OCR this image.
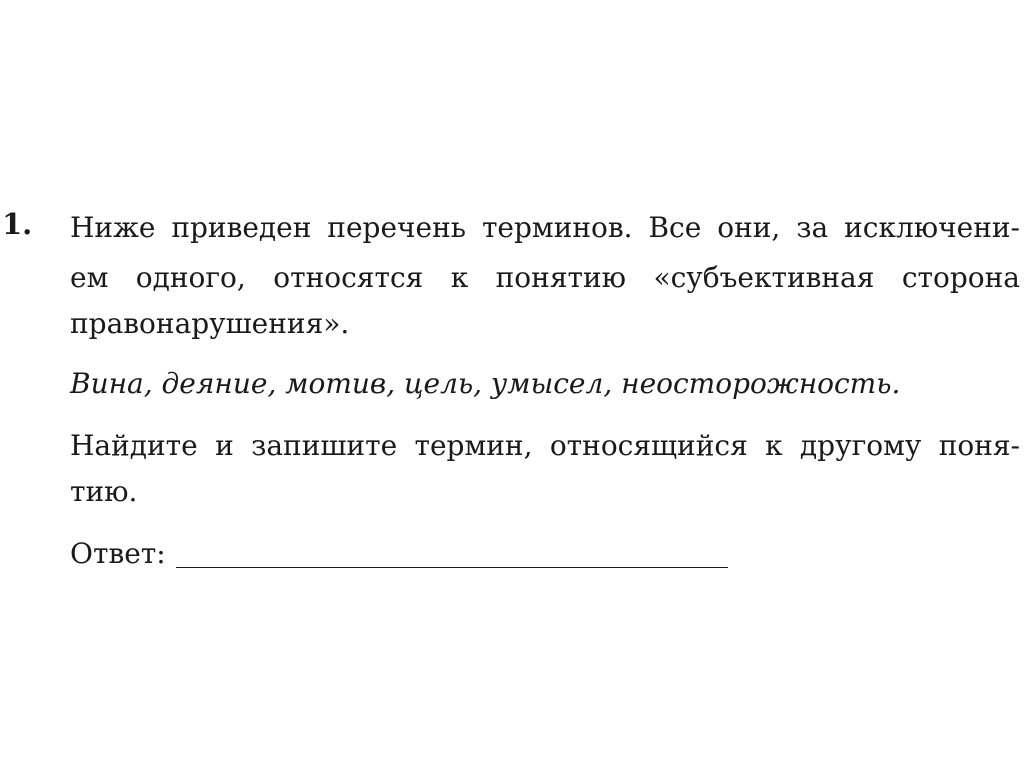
1. Ниже приведен перечень терминов. Все они, за исключени-
ем одного, относятся к понятию «субъективная сторона
правонарушения».
Вина, деяние, мотив, цель, умысел, неосторожность.
Найдите и запишите термин, относящийся к другому поня-
тию.
Ответ:
